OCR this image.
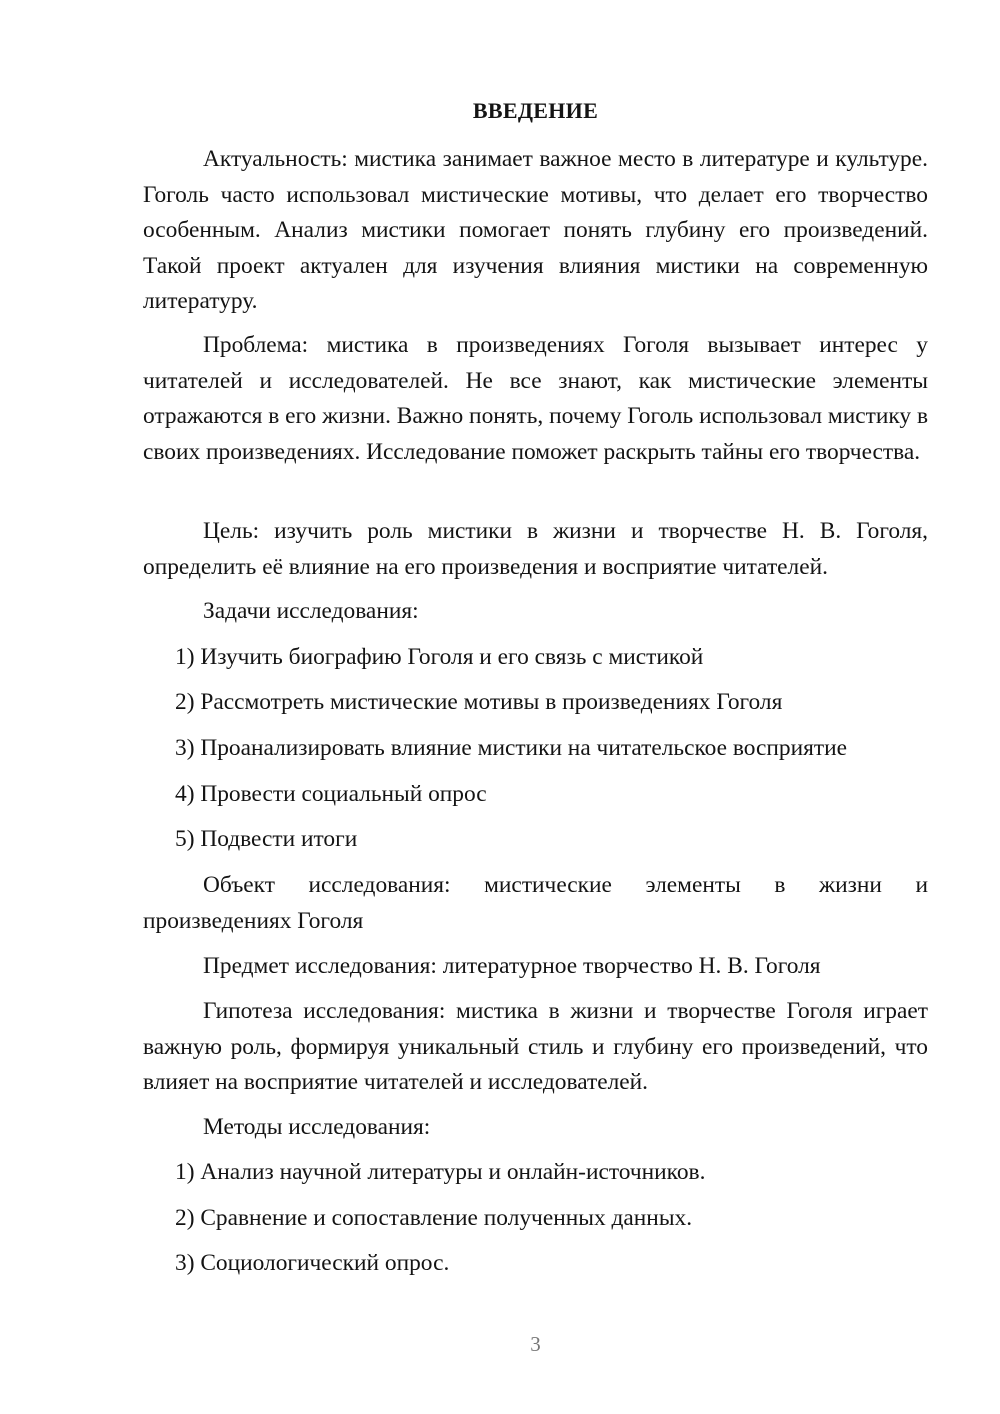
ВВЕДЕНИЕ

Актуальность: мистика занимает важное место в литературе и культуре. Гоголь часто использовал мистические мотивы, что делает его творчество особенным. Анализ мистики помогает понять глубину его произведений. Такой проект актуален для изучения влияния мистики на современную литературу.

Проблема: мистика в произведениях Гоголя вызывает интерес у читателей и исследователей. Не все знают, как мистические элементы отражаются в его жизни. Важно понять, почему Гоголь использовал мистику в своих произведениях. Исследование поможет раскрыть тайны его творчества.

Цель: изучить роль мистики в жизни и творчестве Н. В. Гоголя, определить её влияние на его произведения и восприятие читателей.

Задачи исследования:

1) Изучить биографию Гоголя и его связь с мистикой

2) Рассмотреть мистические мотивы в произведениях Гоголя

3) Проанализировать влияние мистики на читательское восприятие

4) Провести социальный опрос

5) Подвести итоги

Объект исследования: мистические элементы в жизни и

произведениях Гоголя

Предмет исследования: литературное творчество Н. В. Гоголя

Гипотеза исследования: мистика в жизни и творчестве Гоголя играет важную роль, формируя уникальный стиль и глубину его произведений, что влияет на восприятие читателей и исследователей.

Методы исследования:

1) Анализ научной литературы и онлайн-источников.

2) Сравнение и сопоставление полученных данных.

3) Социологический опрос.

3
